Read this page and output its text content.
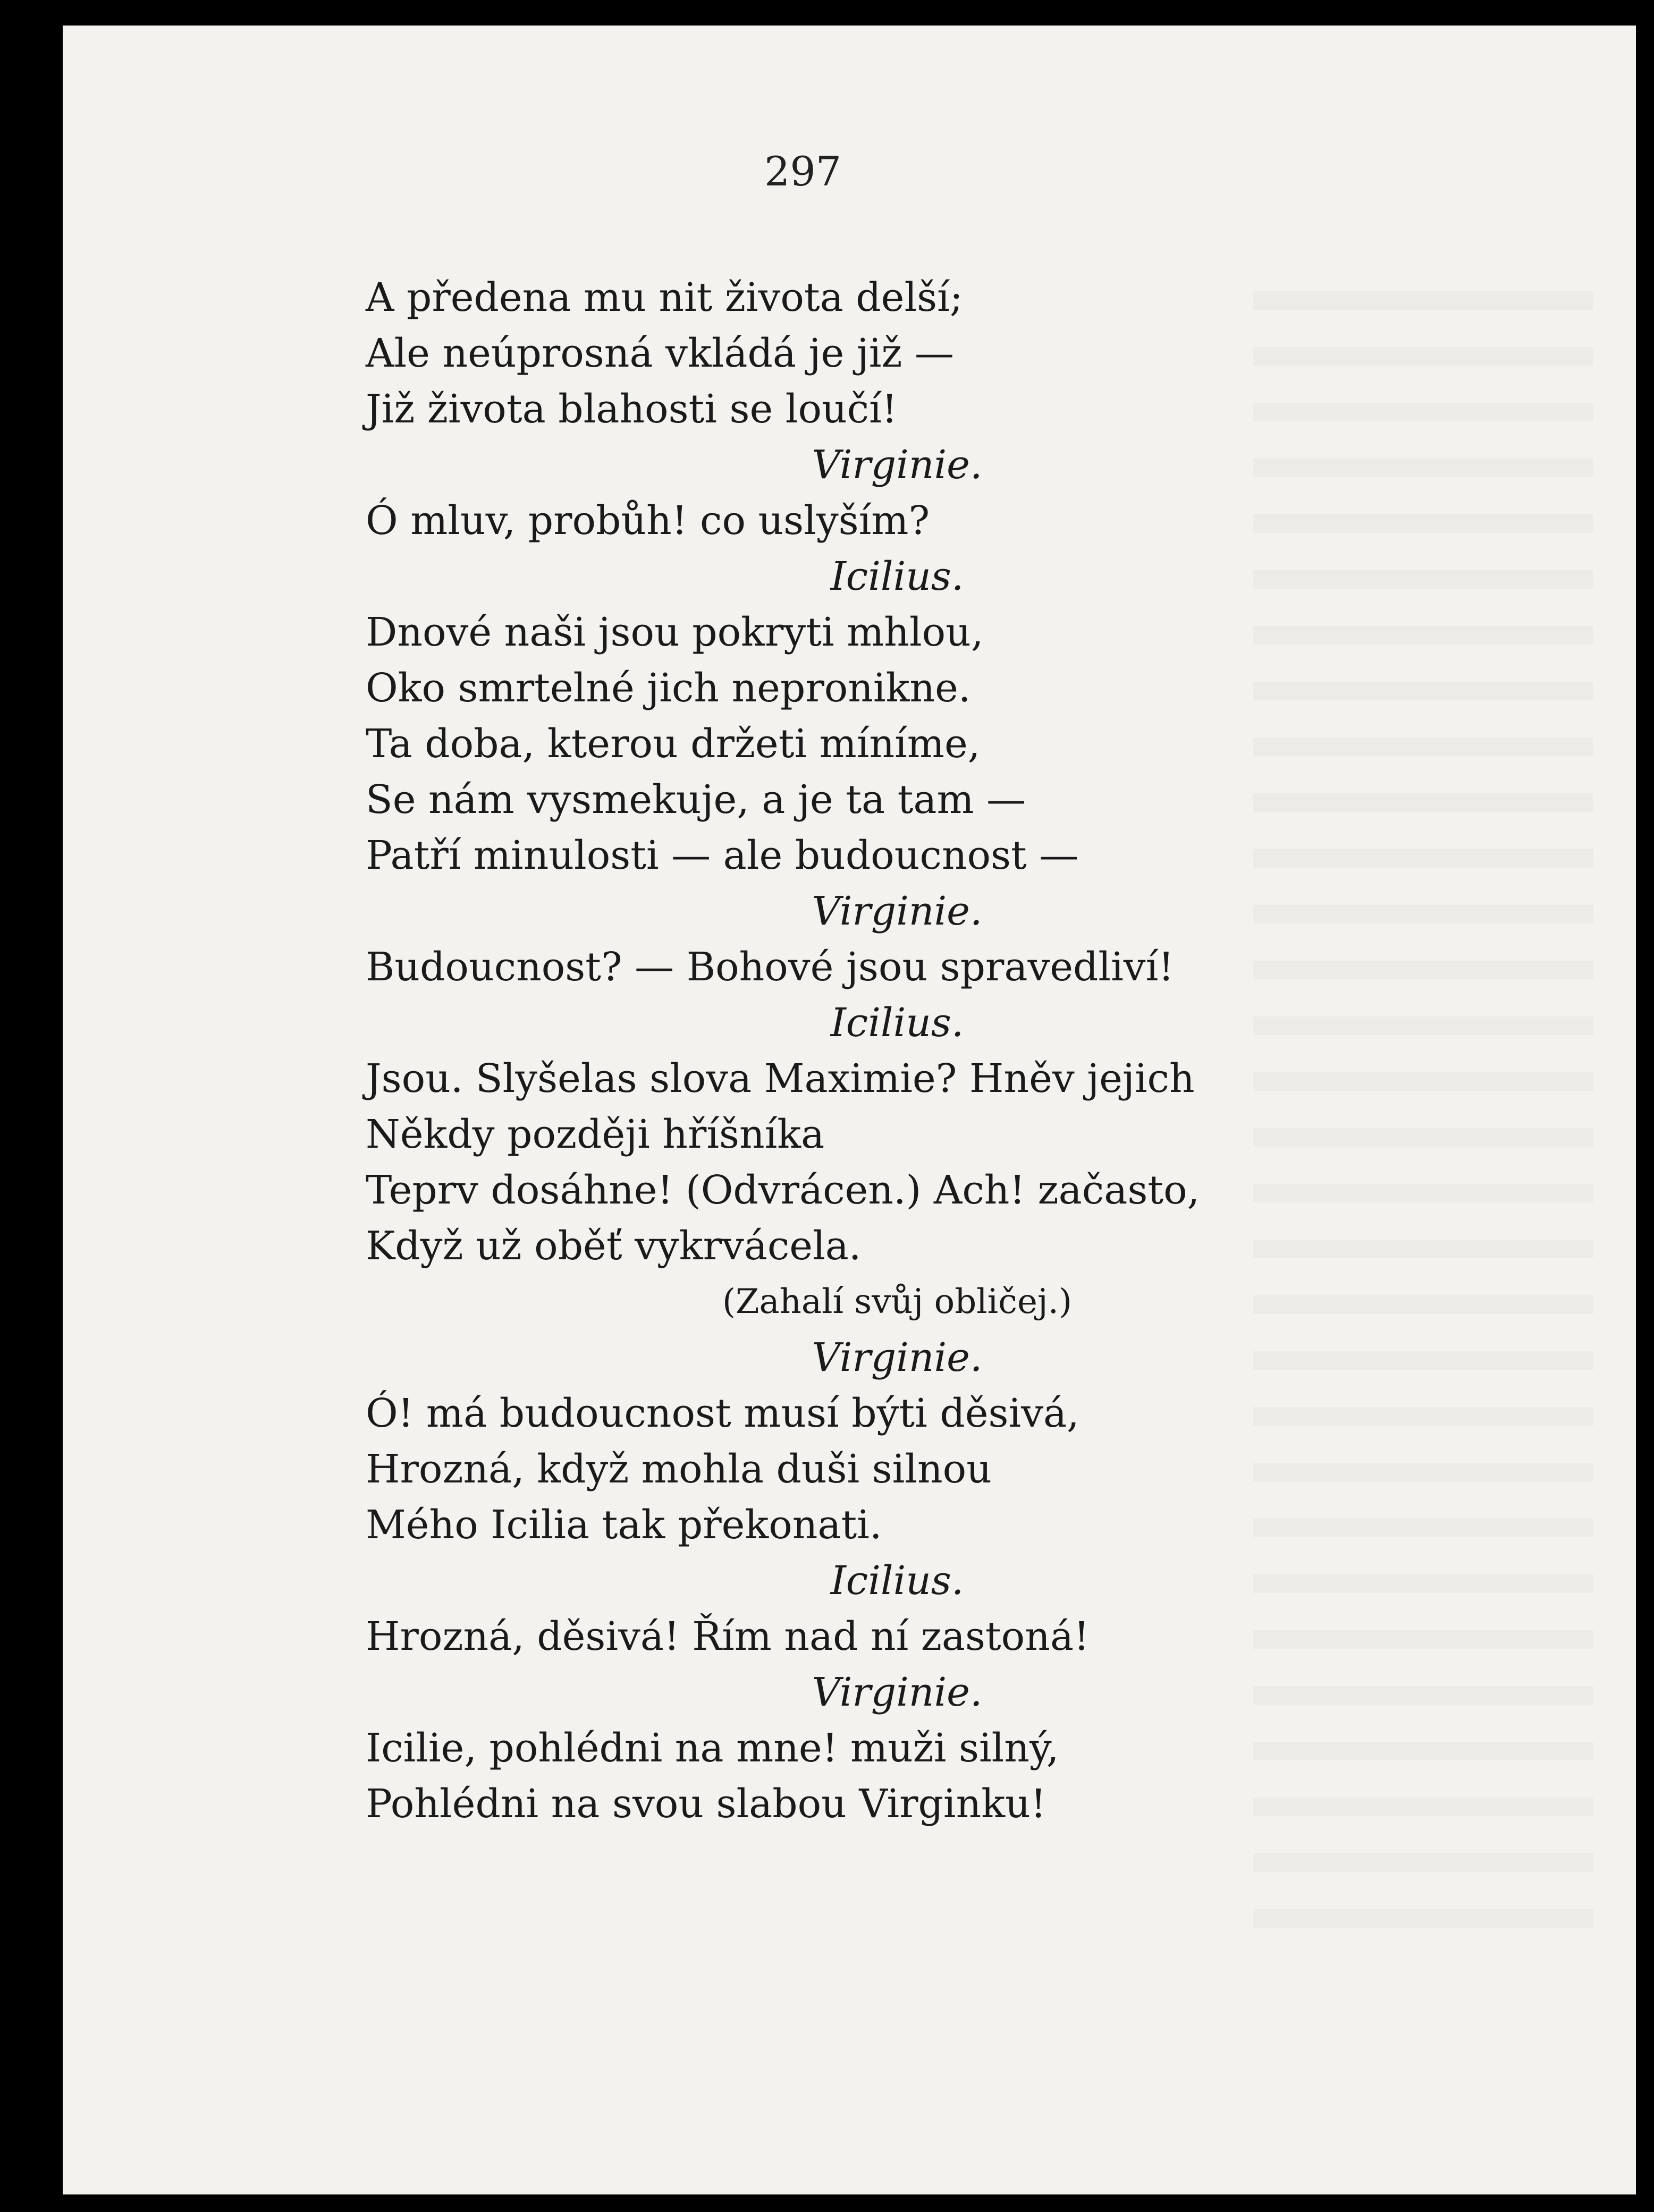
297
A předena mu nit života delší;
Ale neúprosná vkládá je již —
Již života blahosti se loučí!
Virginie.
Ó mluv, probůh! co uslyším?
Icilius.
Dnové naši jsou pokryti mhlou,
Oko smrtelné jich nepronikne.
Ta doba, kterou držeti míníme,
Se nám vysmekuje, a je ta tam —
Patří minulosti — ale budoucnost —
Virginie.
Budoucnost? — Bohové jsou spravedliví!
Icilius.
Jsou. Slyšelas slova Maximie? Hněv jejich
Někdy později hříšníka
Teprv dosáhne! (Odvrácen.) Ach! začasto,
Když už oběť vykrvácela.
(Zahalí svůj obličej.)
Virginie.
Ó! má budoucnost musí býti děsivá,
Hrozná, když mohla duši silnou
Mého Icilia tak překonati.
Icilius.
Hrozná, děsivá! Řím nad ní zastoná!
Virginie.
Icilie, pohlédni na mne! muži silný,
Pohlédni na svou slabou Virginku!
